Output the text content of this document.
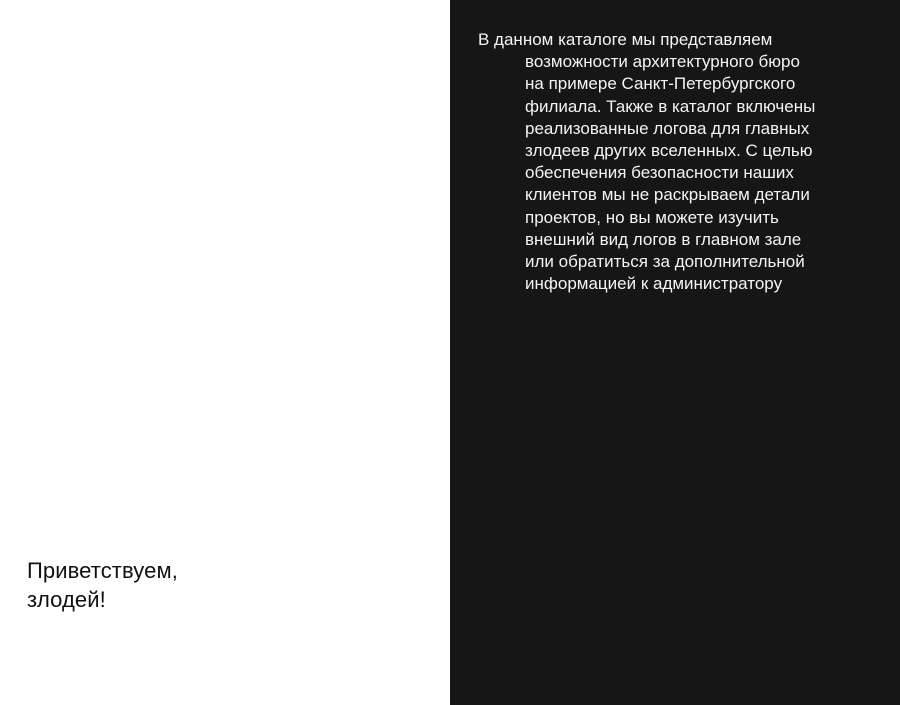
Приветствуем,
злодей!

В данном каталоге мы представляем
возможности архитектурного бюро
на примере Санкт-Петербургского
филиала. Также в каталог включены
реализованные логова для главных
злодеев других вселенных. С целью
обеспечения безопасности наших
клиентов мы не раскрываем детали
проектов, но вы можете изучить
внешний вид логов в главном зале
или обратиться за дополнительной
информацией к администратору
